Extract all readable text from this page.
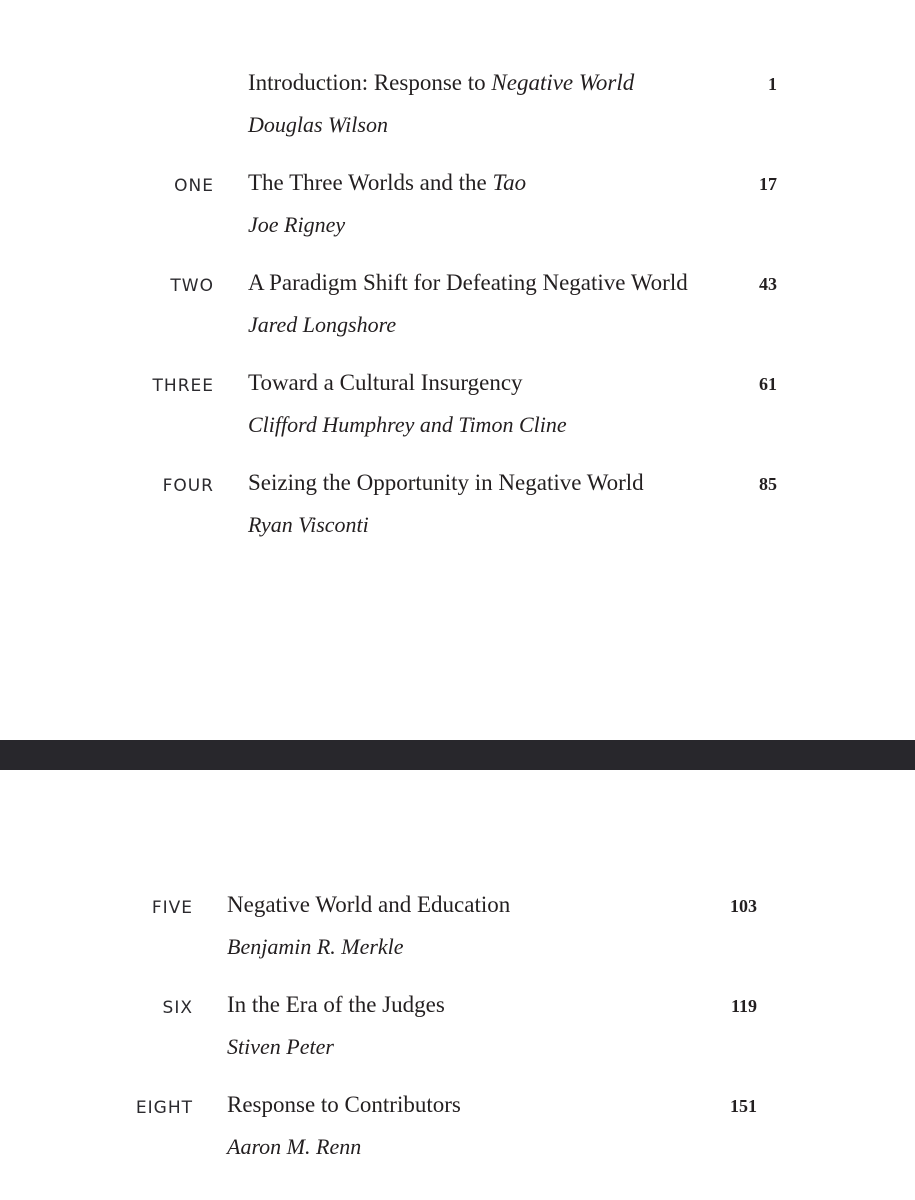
Introduction: Response to Negative World
Douglas Wilson
1
ONE The Three Worlds and the Tao
Joe Rigney
17
TWO A Paradigm Shift for Defeating Negative World
Jared Longshore
43
THREE Toward a Cultural Insurgency
Clifford Humphrey and Timon Cline
61
FOUR Seizing the Opportunity in Negative World
Ryan Visconti
85
FIVE Negative World and Education
Benjamin R. Merkle
103
SIX In the Era of the Judges
Stiven Peter
119
EIGHT Response to Contributors
Aaron M. Renn
151
